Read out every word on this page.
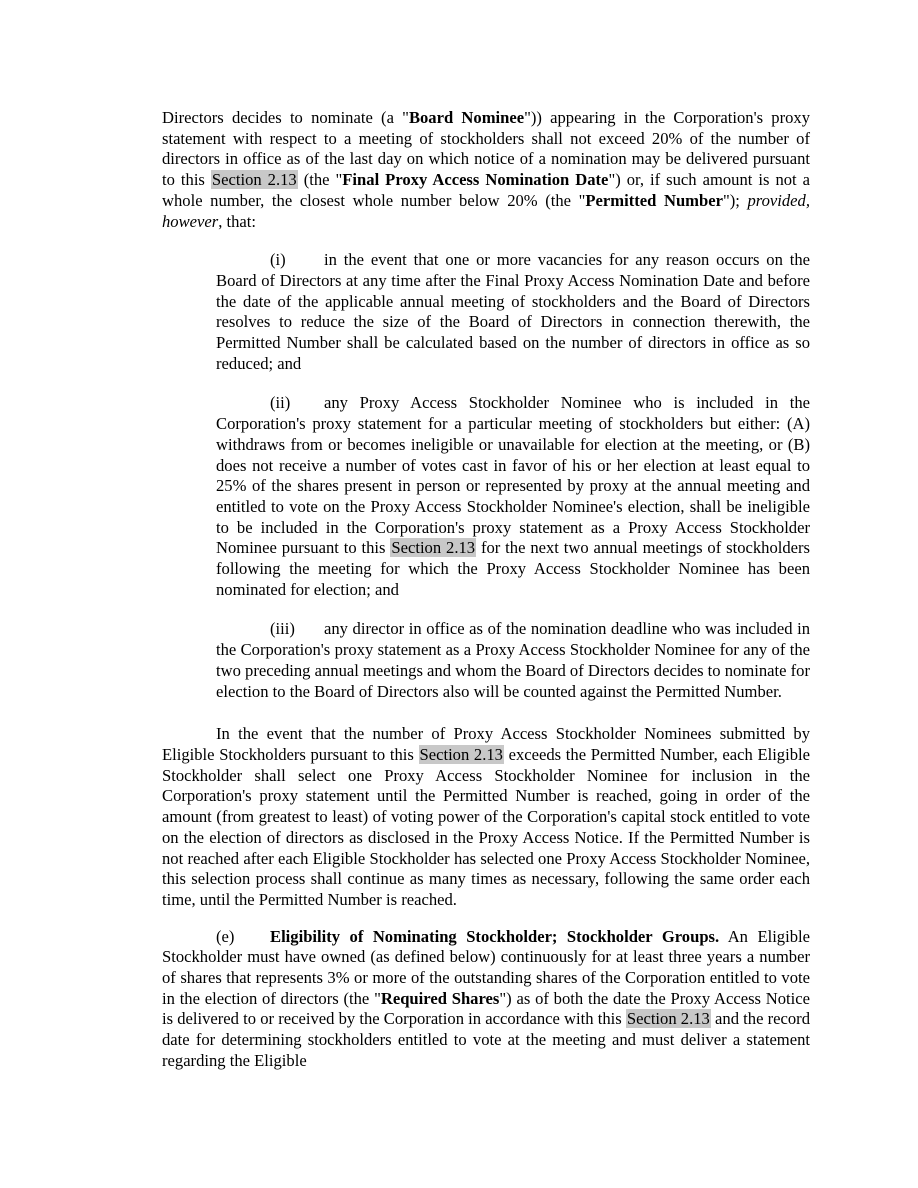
Directors decides to nominate (a "Board Nominee")) appearing in the Corporation's proxy statement with respect to a meeting of stockholders shall not exceed 20% of the number of directors in office as of the last day on which notice of a nomination may be delivered pursuant to this Section 2.13 (the "Final Proxy Access Nomination Date") or, if such amount is not a whole number, the closest whole number below 20% (the "Permitted Number"); provided, however, that:

(i) in the event that one or more vacancies for any reason occurs on the Board of Directors at any time after the Final Proxy Access Nomination Date and before the date of the applicable annual meeting of stockholders and the Board of Directors resolves to reduce the size of the Board of Directors in connection therewith, the Permitted Number shall be calculated based on the number of directors in office as so reduced; and

(ii) any Proxy Access Stockholder Nominee who is included in the Corporation's proxy statement for a particular meeting of stockholders but either: (A) withdraws from or becomes ineligible or unavailable for election at the meeting, or (B) does not receive a number of votes cast in favor of his or her election at least equal to 25% of the shares present in person or represented by proxy at the annual meeting and entitled to vote on the Proxy Access Stockholder Nominee's election, shall be ineligible to be included in the Corporation's proxy statement as a Proxy Access Stockholder Nominee pursuant to this Section 2.13 for the next two annual meetings of stockholders following the meeting for which the Proxy Access Stockholder Nominee has been nominated for election; and

(iii) any director in office as of the nomination deadline who was included in the Corporation's proxy statement as a Proxy Access Stockholder Nominee for any of the two preceding annual meetings and whom the Board of Directors decides to nominate for election to the Board of Directors also will be counted against the Permitted Number.

In the event that the number of Proxy Access Stockholder Nominees submitted by Eligible Stockholders pursuant to this Section 2.13 exceeds the Permitted Number, each Eligible Stockholder shall select one Proxy Access Stockholder Nominee for inclusion in the Corporation's proxy statement until the Permitted Number is reached, going in order of the amount (from greatest to least) of voting power of the Corporation's capital stock entitled to vote on the election of directors as disclosed in the Proxy Access Notice. If the Permitted Number is not reached after each Eligible Stockholder has selected one Proxy Access Stockholder Nominee, this selection process shall continue as many times as necessary, following the same order each time, until the Permitted Number is reached.

(e) Eligibility of Nominating Stockholder; Stockholder Groups. An Eligible Stockholder must have owned (as defined below) continuously for at least three years a number of shares that represents 3% or more of the outstanding shares of the Corporation entitled to vote in the election of directors (the "Required Shares") as of both the date the Proxy Access Notice is delivered to or received by the Corporation in accordance with this Section 2.13 and the record date for determining stockholders entitled to vote at the meeting and must deliver a statement regarding the Eligible
